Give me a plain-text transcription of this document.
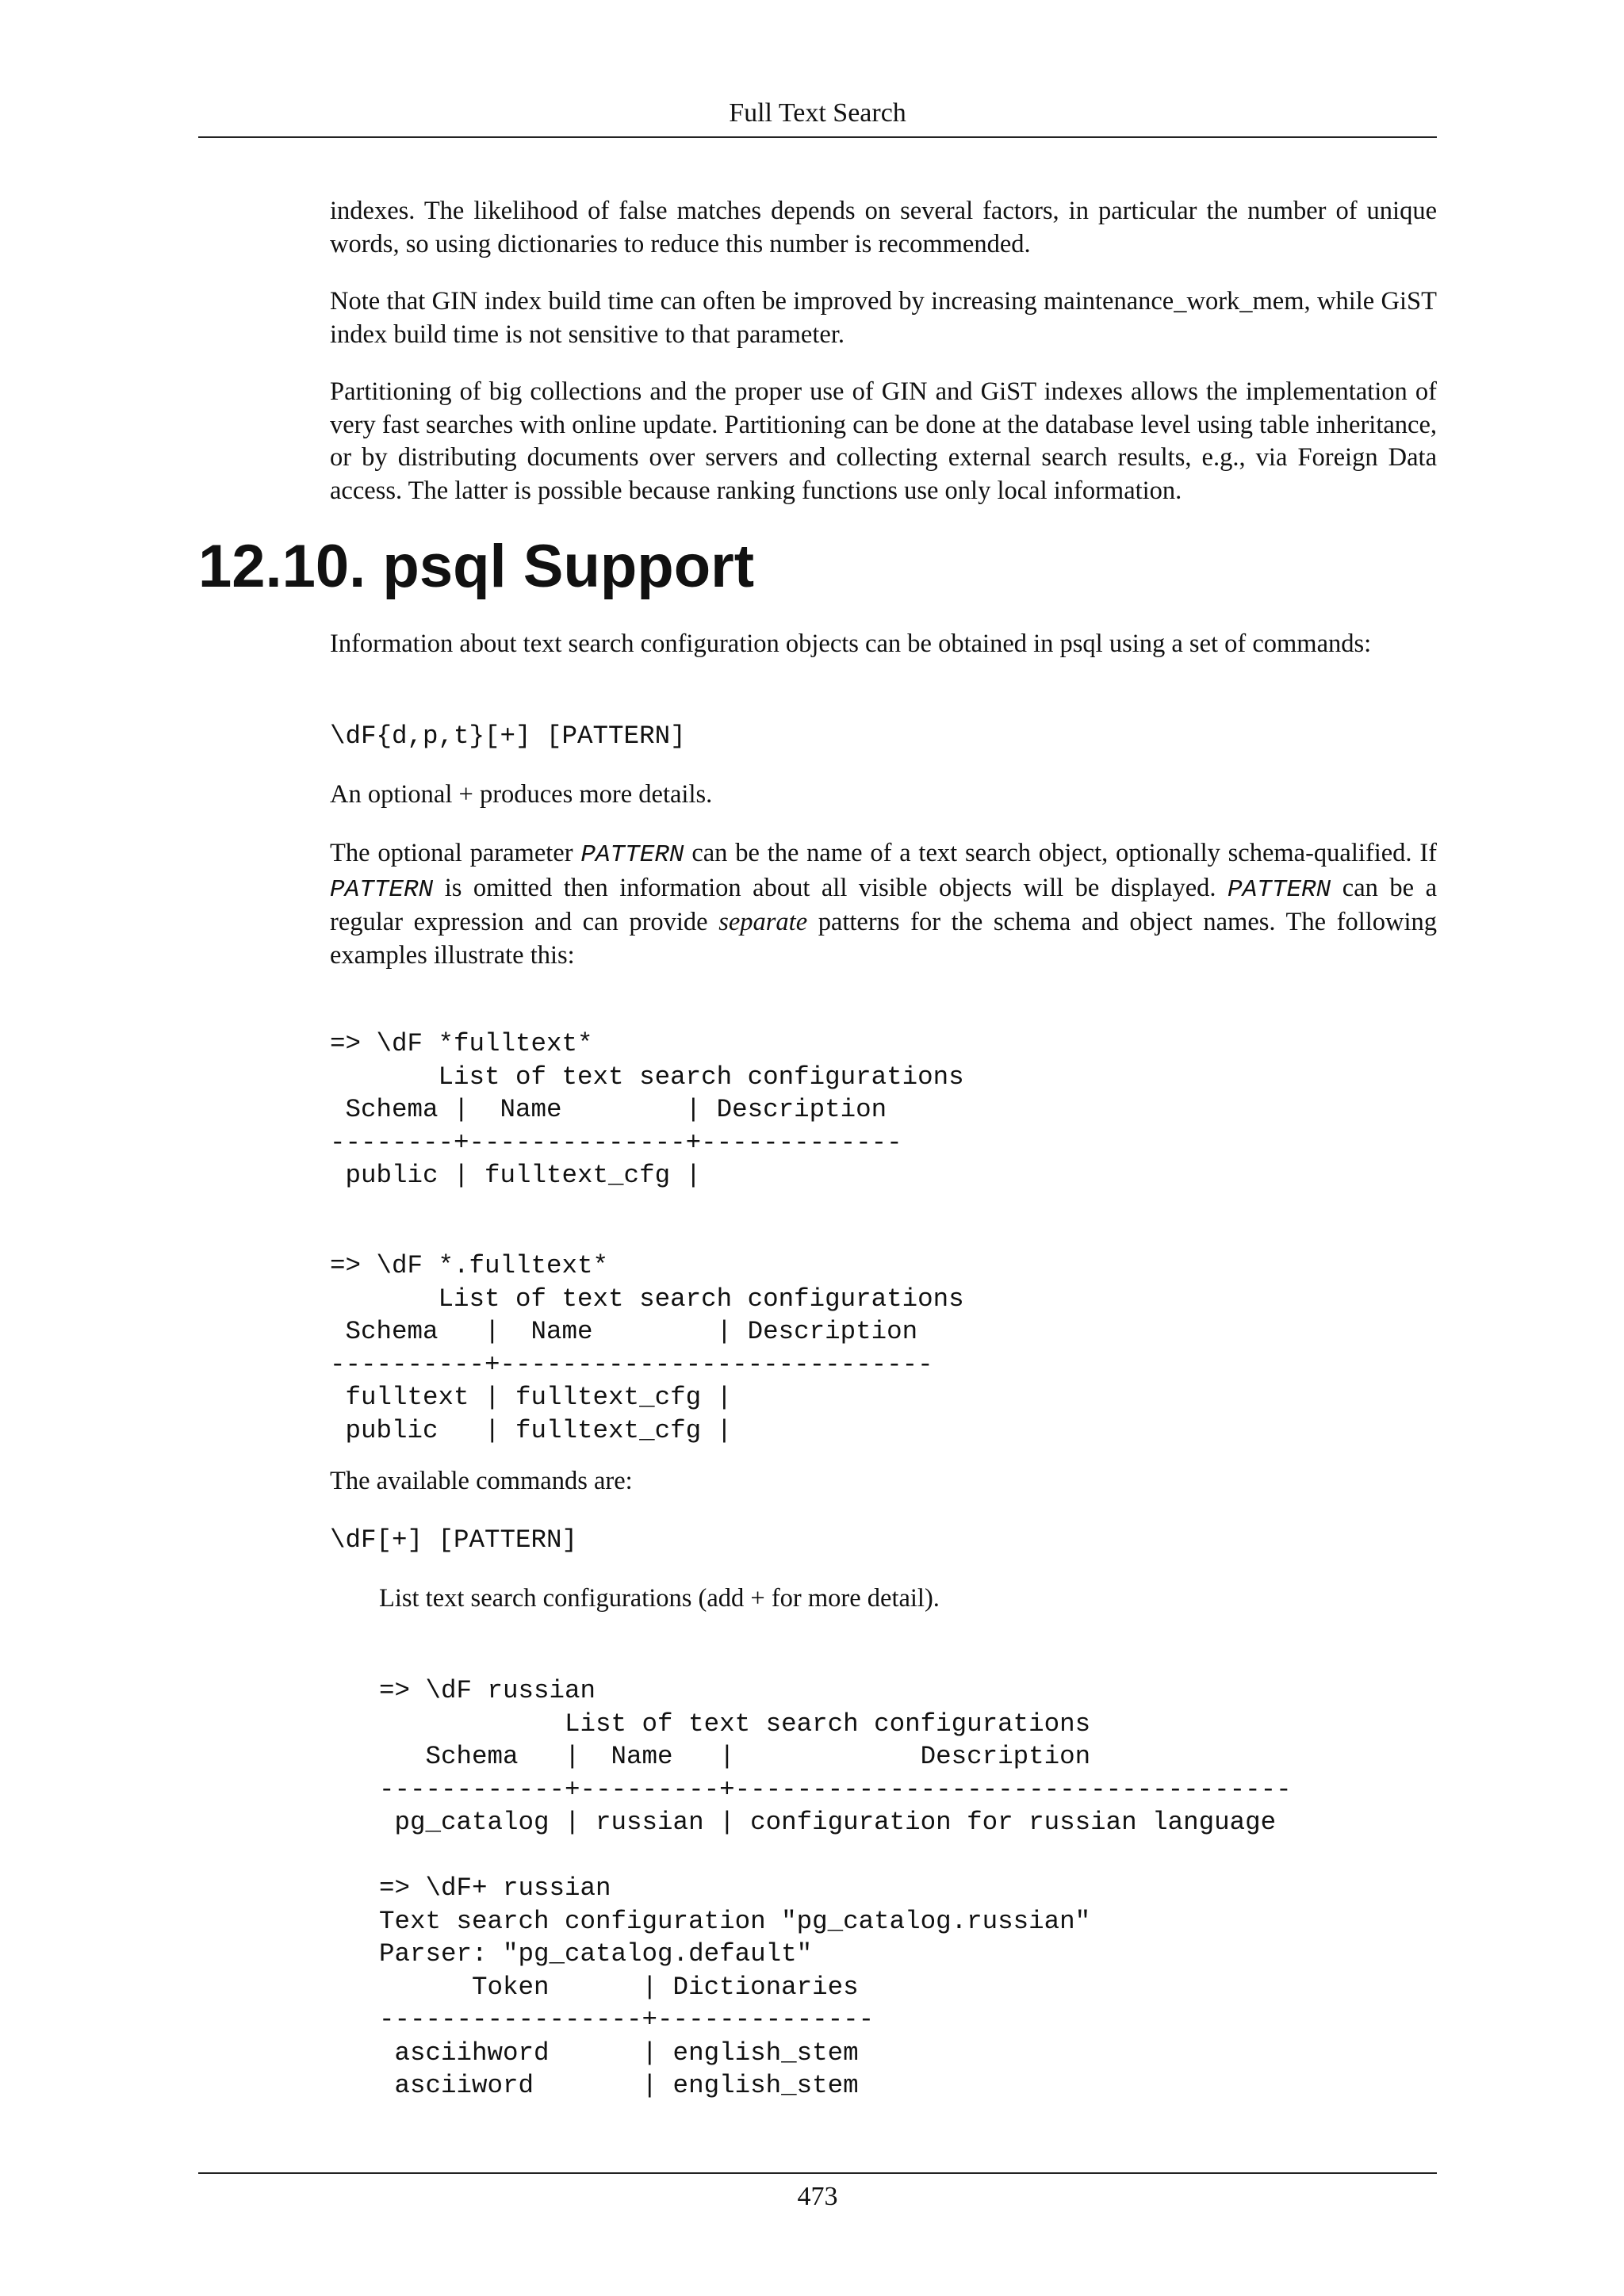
Full Text Search

indexes. The likelihood of false matches depends on several factors, in particular the number of unique words, so using dictionaries to reduce this number is recommended.

Note that GIN index build time can often be improved by increasing maintenance_work_mem, while GiST index build time is not sensitive to that parameter.

Partitioning of big collections and the proper use of GIN and GiST indexes allows the implementation of very fast searches with online update. Partitioning can be done at the database level using table inheritance, or by distributing documents over servers and collecting external search results, e.g., via Foreign Data access. The latter is possible because ranking functions use only local information.

12.10. psql Support

Information about text search configuration objects can be obtained in psql using a set of commands:

\dF{d,p,t}[+] [PATTERN]

An optional + produces more details.

The optional parameter PATTERN can be the name of a text search object, optionally schema-qualified. If PATTERN is omitted then information about all visible objects will be displayed. PATTERN can be a regular expression and can provide separate patterns for the schema and object names. The following examples illustrate this:

=> \dF *fulltext*
List of text search configurations
Schema |  Name        | Description
--------+--------------+-------------
public | fulltext_cfg |
=> \dF *.fulltext*
List of text search configurations
Schema   |  Name        | Description
----------+----------------------------
fulltext | fulltext_cfg |
public   | fulltext_cfg |

The available commands are:

\dF[+] [PATTERN]

List text search configurations (add + for more detail).

=> \dF russian
List of text search configurations
Schema   |  Name   |            Description
------------+---------+------------------------------------
pg_catalog | russian | configuration for russian language

=> \dF+ russian
Text search configuration "pg_catalog.russian"
Parser: "pg_catalog.default"
Token      | Dictionaries
-----------------+--------------
asciihword      | english_stem
asciiword       | english_stem
473
